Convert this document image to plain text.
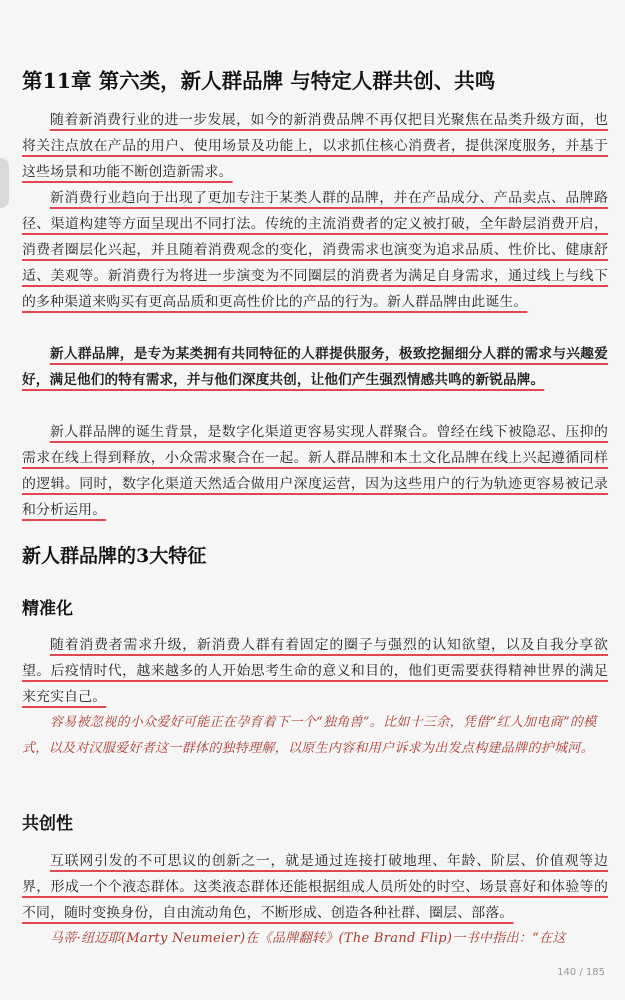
第11章 第六类，新人群品牌 与特定人群共创、共鸣
随着新消费行业的进一步发展，如今的新消费品牌不再仅把目光聚焦在品类升级方面，也将关注点放在产品的用户、使用场景及功能上，以求抓住核心消费者，提供深度服务，并基于这些场景和功能不断创造新需求。
新消费行业趋向于出现了更加专注于某类人群的品牌，并在产品成分、产品卖点、品牌路径、渠道构建等方面呈现出不同打法。传统的主流消费者的定义被打破，全年龄层消费开启，消费者圈层化兴起，并且随着消费观念的变化，消费需求也演变为追求品质、性价比、健康舒适、美观等。新消费行为将进一步演变为不同圈层的消费者为满足自身需求，通过线上与线下的多种渠道来购买有更高品质和更高性价比的产品的行为。新人群品牌由此诞生。
新人群品牌，是专为某类拥有共同特征的人群提供服务，极致挖掘细分人群的需求与兴趣爱好，满足他们的特有需求，并与他们深度共创，让他们产生强烈情感共鸣的新锐品牌。
新人群品牌的诞生背景，是数字化渠道更容易实现人群聚合。曾经在线下被隐忍、压抑的需求在线上得到释放，小众需求聚合在一起。新人群品牌和本土文化品牌在线上兴起遵循同样的逻辑。同时，数字化渠道天然适合做用户深度运营，因为这些用户的行为轨迹更容易被记录和分析运用。
新人群品牌的3大特征
精准化
随着消费者需求升级，新消费人群有着固定的圈子与强烈的认知欲望，以及自我分享欲望。后疫情时代，越来越多的人开始思考生命的意义和目的，他们更需要获得精神世界的满足来充实自己。
容易被忽视的小众爱好可能正在孕育着下一个“独角兽”。比如十三余，凭借“红人加电商”的模式，以及对汉服爱好者这一群体的独特理解，以原生内容和用户诉求为出发点构建品牌的护城河。
共创性
互联网引发的不可思议的创新之一，就是通过连接打破地理、年龄、阶层、价值观等边界，形成一个个液态群体。这类液态群体还能根据组成人员所处的时空、场景喜好和体验等的不同，随时变换身份，自由流动角色，不断形成、创造各种社群、圈层、部落。
马蒂·纽迈耶(Marty Neumeier)在《品牌翻转》(The Brand Flip)一书中指出：“在这
140 / 185
